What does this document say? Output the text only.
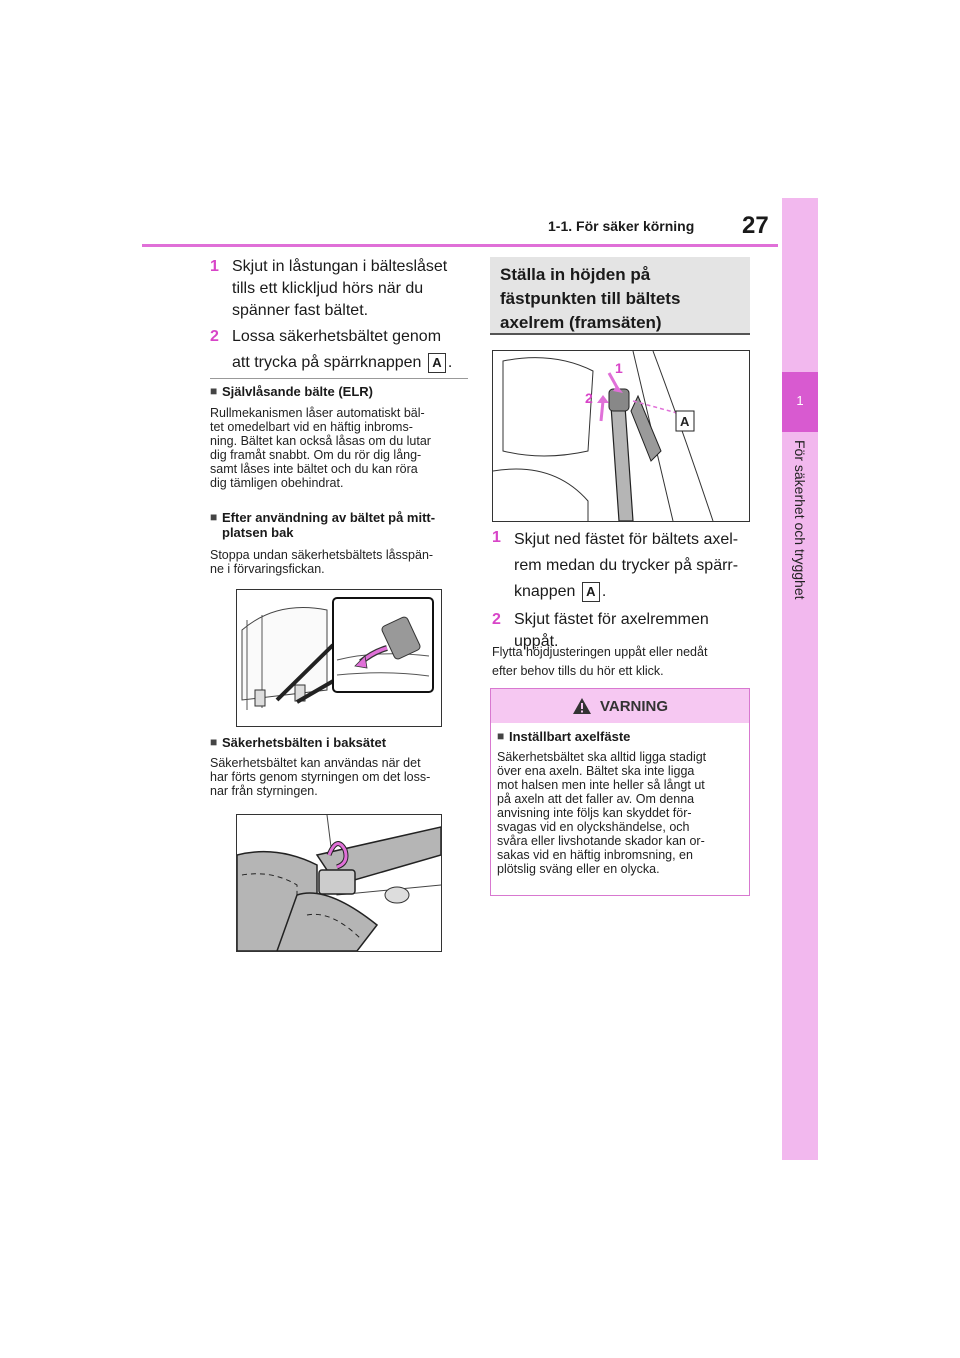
1-1. För säker körning 27
1
För säkerhet och trygghet
1 Skjut in låstungan i bälteslåset
tills ett klickljud hörs när du
spänner fast bältet.
2 Lossa säkerhetsbältet genom
att trycka på spärrknappen A .
■ Självlåsande bälte (ELR)
Rullmekanismen låser automatiskt bäl-
tet omedelbart vid en häftig inbroms-
ning. Bältet kan också låsas om du lutar
dig framåt snabbt. Om du rör dig lång-
samt låses inte bältet och du kan röra
dig tämligen obehindrat.
■ Efter användning av bältet på mitt-
platsen bak
Stoppa undan säkerhetsbältets låsspän-
ne i förvaringsfickan.
■ Säkerhetsbälten i baksätet
Säkerhetsbältet kan användas när det
har förts genom styrningen om det loss-
nar från styrningen.
Ställa in höjden på
fästpunkten till bältets
axelrem (framsäten)
1
2
A
1 Skjut ned fästet för bältets axel-
rem medan du trycker på spärr-
knappen A .
2 Skjut fästet för axelremmen
uppåt.
Flytta höjdjusteringen uppåt eller nedåt
efter behov tills du hör ett klick.
VARNING
■ Inställbart axelfäste
Säkerhetsbältet ska alltid ligga stadigt
över ena axeln. Bältet ska inte ligga
mot halsen men inte heller så långt ut
på axeln att det faller av. Om denna
anvisning inte följs kan skyddet för-
svagas vid en olyckshändelse, och
svåra eller livshotande skador kan or-
sakas vid en häftig inbromsning, en
plötslig sväng eller en olycka.
